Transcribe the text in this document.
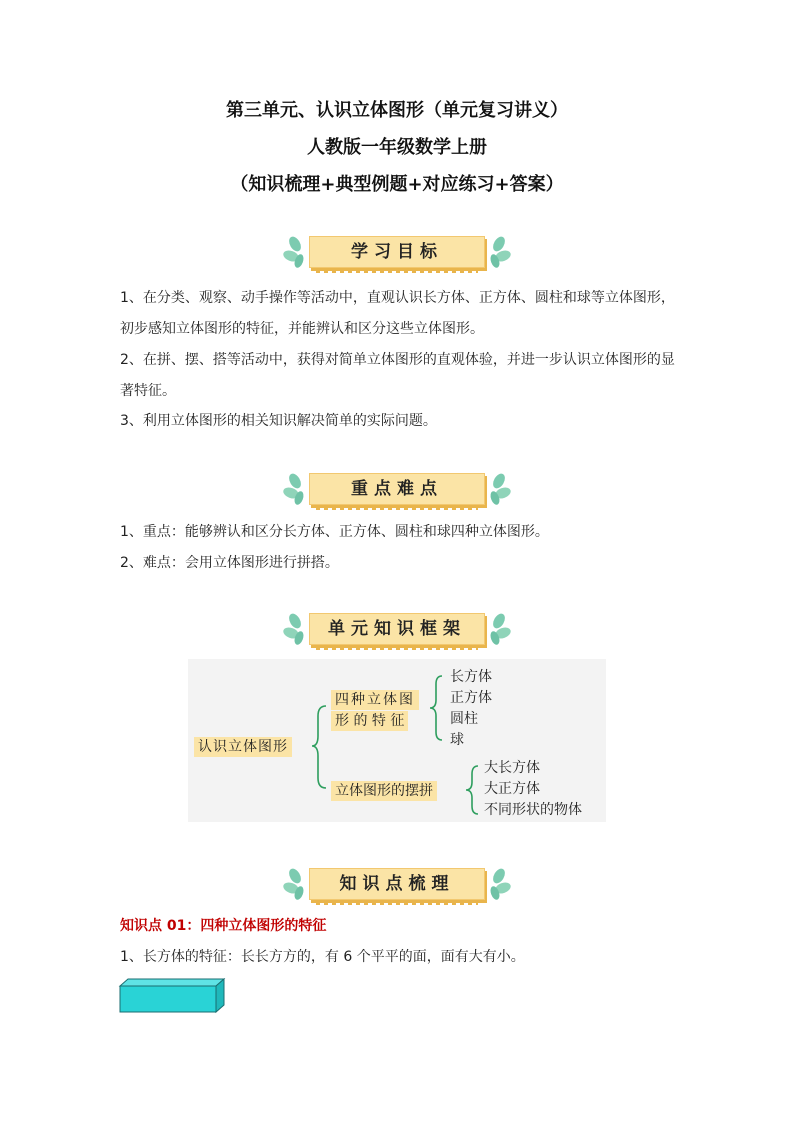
第三单元、认识立体图形（单元复习讲义）
人教版一年级数学上册
（知识梳理+典型例题+对应练习+答案）
学习目标
1、在分类、观察、动手操作等活动中，直观认识长方体、正方体、圆柱和球等立体图形，初步感知立体图形的特征，并能辨认和区分这些立体图形。
2、在拼、摆、搭等活动中，获得对简单立体图形的直观体验，并进一步认识立体图形的显著特征。
3、利用立体图形的相关知识解决简单的实际问题。
重点难点
1、重点：能够辨认和区分长方体、正方体、圆柱和球四种立体图形。
2、难点：会用立体图形进行拼搭。
单元知识框架
认识立体图形
四种立体图
形 的 特 征
立体图形的摆拼
长方体
正方体
圆柱
球
大长方体
大正方体
不同形状的物体
知识点梳理
知识点 01：四种立体图形的特征
1、长方体的特征：长长方方的，有 6 个平平的面，面有大有小。
